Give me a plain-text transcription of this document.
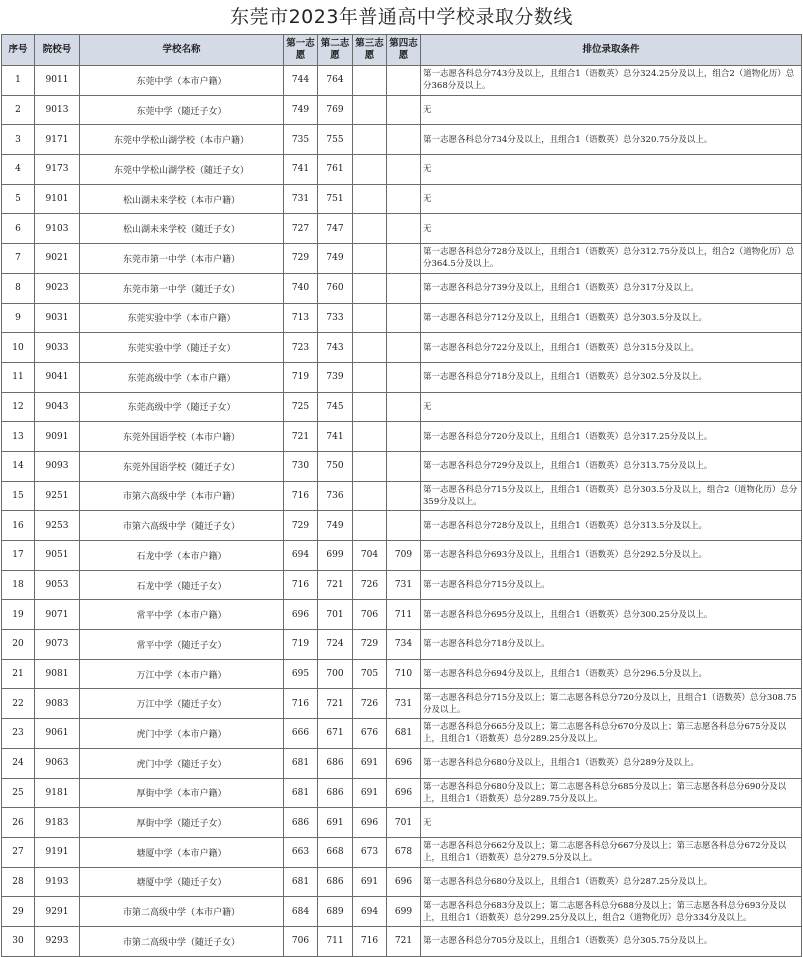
东莞市2023年普通高中学校录取分数线
序号	院校号	学校名称	第一志愿	第二志愿	第三志愿	第四志愿	排位录取条件
1	9011	东莞中学（本市户籍）	744	764			第一志愿各科总分743分及以上，且组合1（语数英）总分324.25分及以上，组合2（道物化历）总分368分及以上。
2	9013	东莞中学（随迁子女）	749	769			无
3	9171	东莞中学松山湖学校（本市户籍）	735	755			第一志愿各科总分734分及以上，且组合1（语数英）总分320.75分及以上。
4	9173	东莞中学松山湖学校（随迁子女）	741	761			无
5	9101	松山湖未来学校（本市户籍）	731	751			无
6	9103	松山湖未来学校（随迁子女）	727	747			无
7	9021	东莞市第一中学（本市户籍）	729	749			第一志愿各科总分728分及以上，且组合1（语数英）总分312.75分及以上，组合2（道物化历）总分364.5分及以上。
8	9023	东莞市第一中学（随迁子女）	740	760			第一志愿各科总分739分及以上，且组合1（语数英）总分317分及以上。
9	9031	东莞实验中学（本市户籍）	713	733			第一志愿各科总分712分及以上，且组合1（语数英）总分303.5分及以上。
10	9033	东莞实验中学（随迁子女）	723	743			第一志愿各科总分722分及以上，且组合1（语数英）总分315分及以上。
11	9041	东莞高级中学（本市户籍）	719	739			第一志愿各科总分718分及以上，且组合1（语数英）总分302.5分及以上。
12	9043	东莞高级中学（随迁子女）	725	745			无
13	9091	东莞外国语学校（本市户籍）	721	741			第一志愿各科总分720分及以上，且组合1（语数英）总分317.25分及以上。
14	9093	东莞外国语学校（随迁子女）	730	750			第一志愿各科总分729分及以上，且组合1（语数英）总分313.75分及以上。
15	9251	市第六高级中学（本市户籍）	716	736			第一志愿各科总分715分及以上，且组合1（语数英）总分303.5分及以上，组合2（道物化历）总分359分及以上。
16	9253	市第六高级中学（随迁子女）	729	749			第一志愿各科总分728分及以上，且组合1（语数英）总分313.5分及以上。
17	9051	石龙中学（本市户籍）	694	699	704	709	第一志愿各科总分693分及以上，且组合1（语数英）总分292.5分及以上。
18	9053	石龙中学（随迁子女）	716	721	726	731	第一志愿各科总分715分及以上。
19	9071	常平中学（本市户籍）	696	701	706	711	第一志愿各科总分695分及以上，且组合1（语数英）总分300.25分及以上。
20	9073	常平中学（随迁子女）	719	724	729	734	第一志愿各科总分718分及以上。
21	9081	万江中学（本市户籍）	695	700	705	710	第一志愿各科总分694分及以上，且组合1（语数英）总分296.5分及以上。
22	9083	万江中学（随迁子女）	716	721	726	731	第一志愿各科总分715分及以上；第二志愿各科总分720分及以上，且组合1（语数英）总分308.75分及以上。
23	9061	虎门中学（本市户籍）	666	671	676	681	第一志愿各科总分665分及以上；第二志愿各科总分670分及以上；第三志愿各科总分675分及以上，且组合1（语数英）总分289.25分及以上。
24	9063	虎门中学（随迁子女）	681	686	691	696	第一志愿各科总分680分及以上，且组合1（语数英）总分289分及以上。
25	9181	厚街中学（本市户籍）	681	686	691	696	第一志愿各科总分680分及以上；第二志愿各科总分685分及以上；第三志愿各科总分690分及以上，且组合1（语数英）总分289.75分及以上。
26	9183	厚街中学（随迁子女）	686	691	696	701	无
27	9191	塘厦中学（本市户籍）	663	668	673	678	第一志愿各科总分662分及以上；第二志愿各科总分667分及以上；第三志愿各科总分672分及以上，且组合1（语数英）总分279.5分及以上。
28	9193	塘厦中学（随迁子女）	681	686	691	696	第一志愿各科总分680分及以上，且组合1（语数英）总分287.25分及以上。
29	9291	市第二高级中学（本市户籍）	684	689	694	699	第一志愿各科总分683分及以上；第二志愿各科总分688分及以上；第三志愿各科总分693分及以上，且组合1（语数英）总分299.25分及以上，组合2（道物化历）总分334分及以上。
30	9293	市第二高级中学（随迁子女）	706	711	716	721	第一志愿各科总分705分及以上，且组合1（语数英）总分305.75分及以上。
